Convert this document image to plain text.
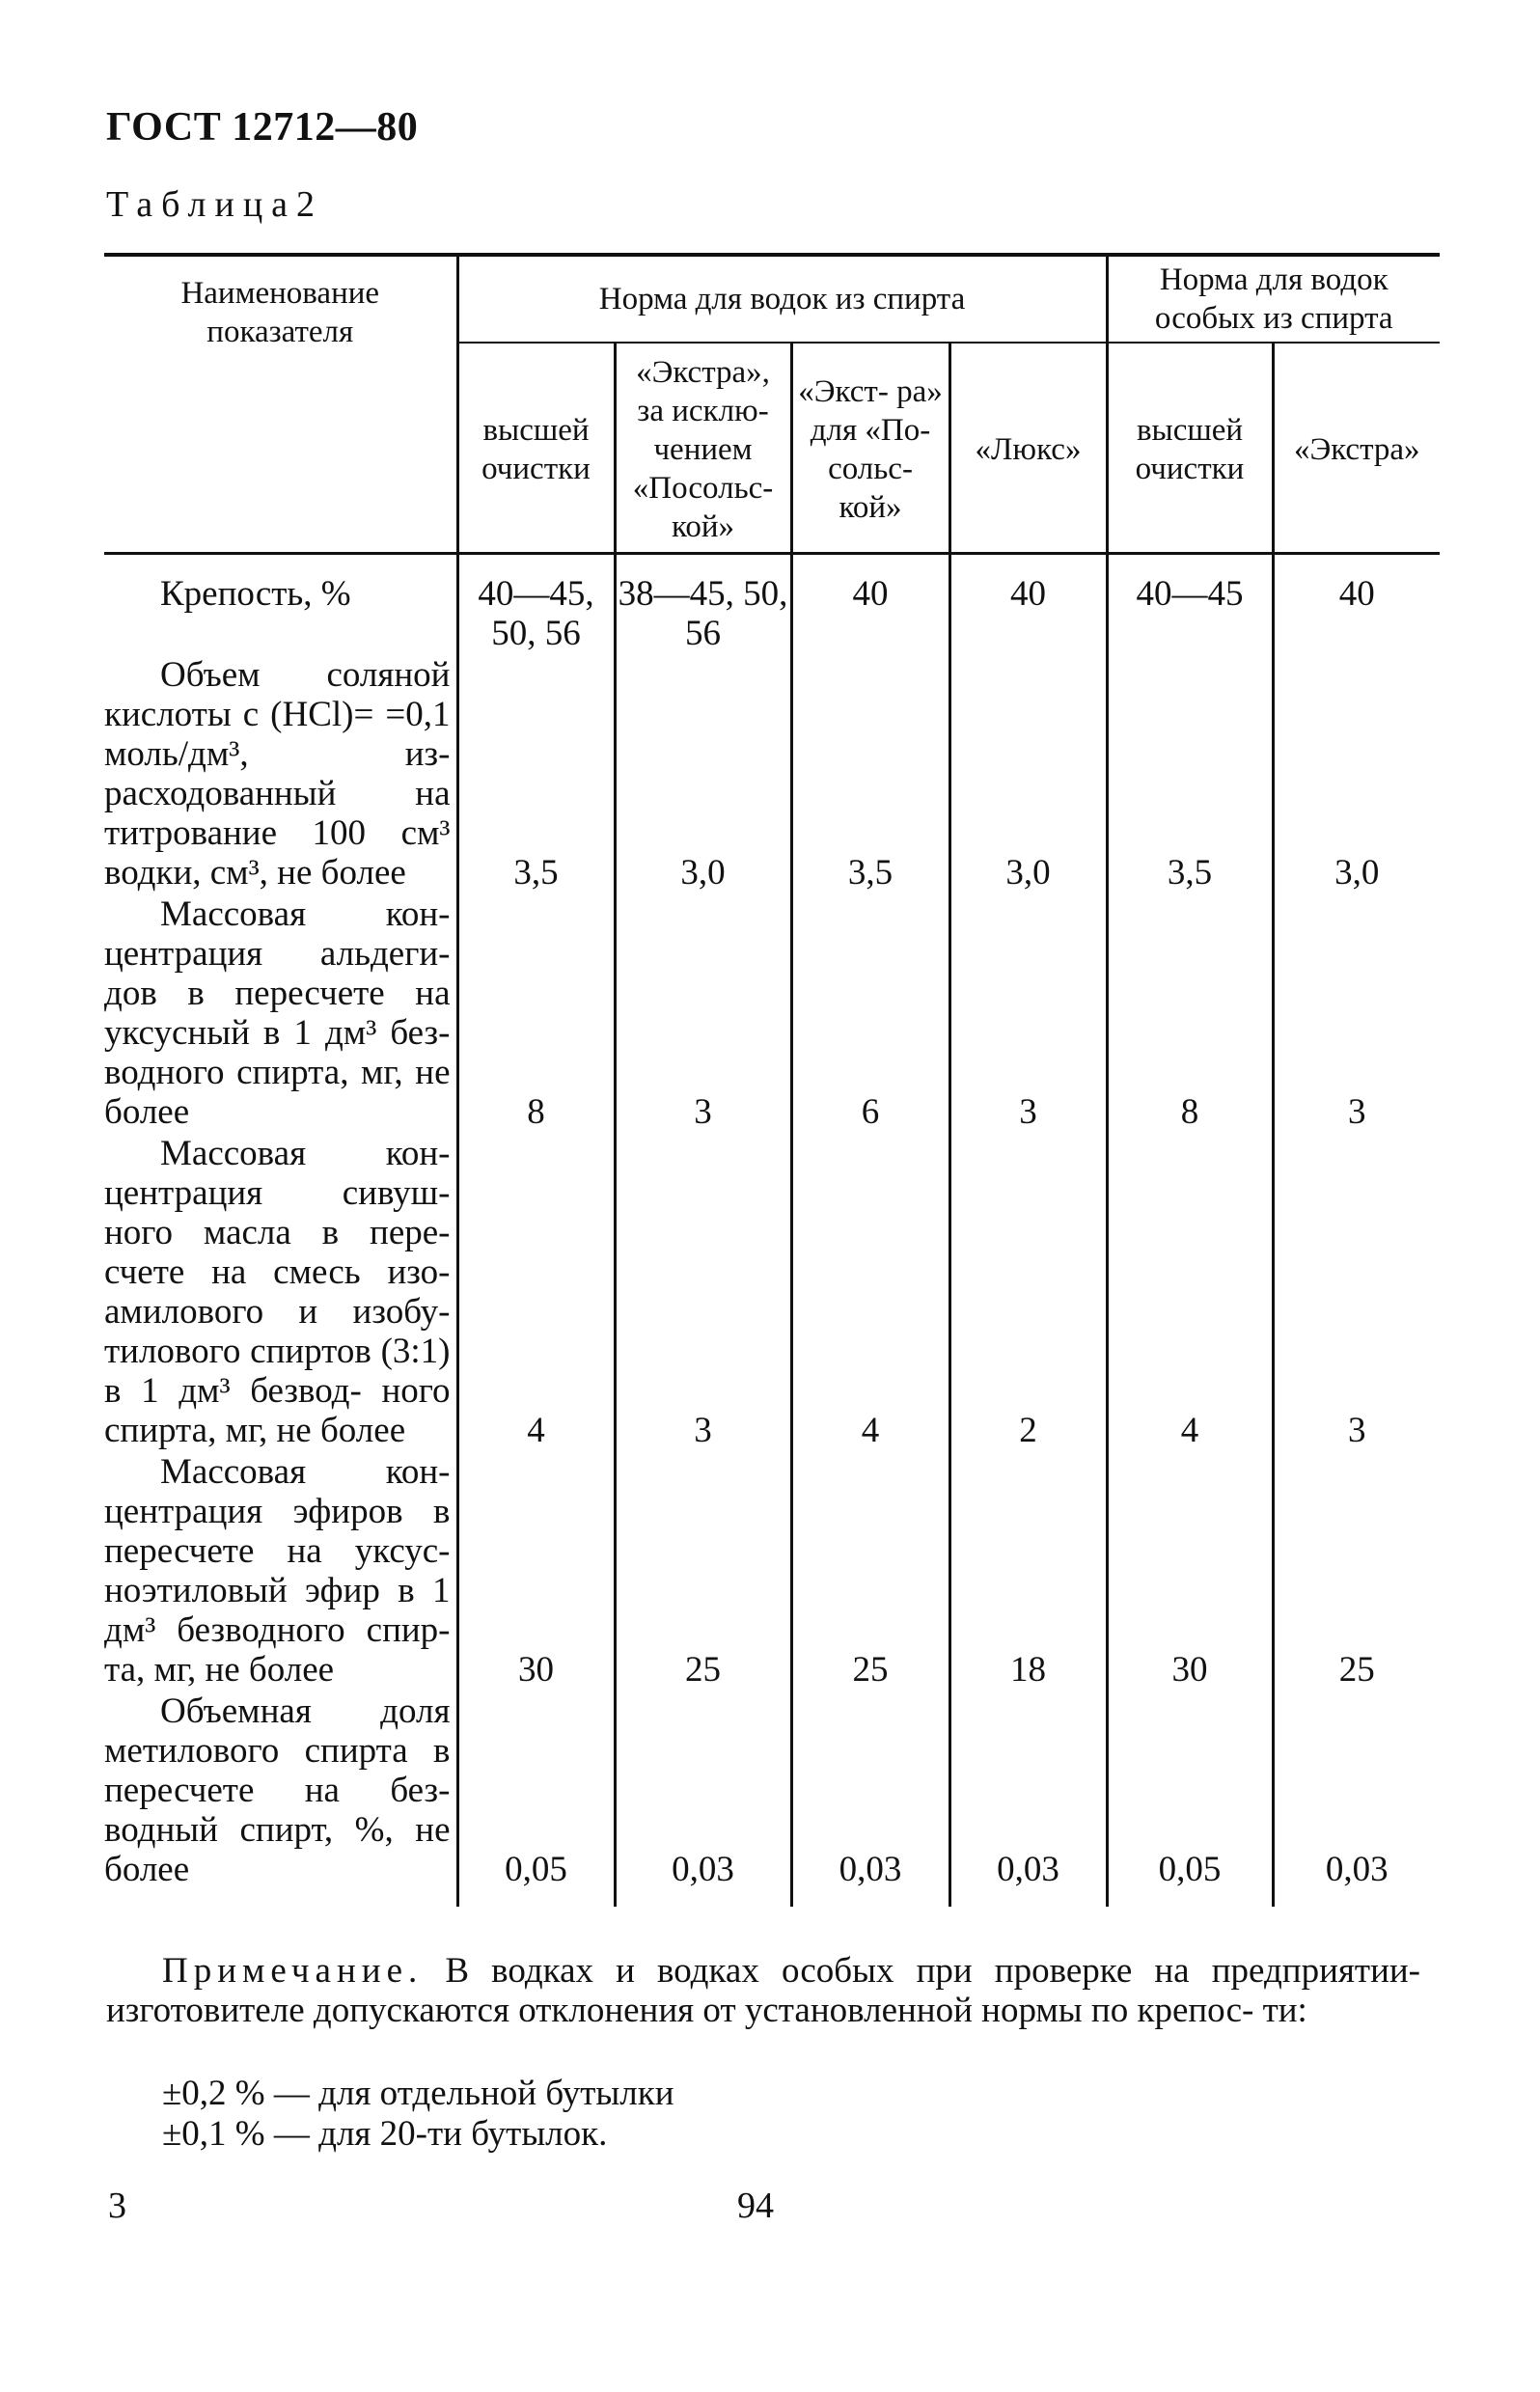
ГОСТ 12712—80
Таблица2
Наименование показателя	Норма для водок из спирта				Норма для водок особых из спирта	
	высшей очистки	«Экстра», за исклю- чением «Посольс- кой»	«Экст- ра» для «По- сольс- кой»	«Люкс»	высшей очистки	«Экстра»
Крепость, %	40—45, 50, 56	38—45, 50, 56	40	40	40—45	40
Объем соляной кислоты c (HCl)= =0,1 моль/дм³, из- расходованный на титрование 100 см³ водки, см³, не более	3,5	3,0	3,5	3,0	3,5	3,0
Массовая кон- центрация альдеги- дов в пересчете на уксусный в 1 дм³ без- водного спирта, мг, не более	8	3	6	3	8	3
Массовая кон- центрация сивуш- ного масла в пере- счете на смесь изо- амилового и изобу- тилового спиртов (3:1) в 1 дм³ безвод- ного спирта, мг, не более	4	3	4	2	4	3
Массовая кон- центрация эфиров в пересчете на уксус- ноэтиловый эфир в 1 дм³ безводного спир- та, мг, не более	30	25	25	18	30	25
Объемная доля метилового спирта в пересчете на без- водный спирт, %, не более	0,05	0,03	0,03	0,03	0,05	0,03

Примечание. В водках и водках особых при проверке на предприятии-изготовителе допускаются отклонения от установленной нормы по крепос- ти:
±0,2 % — для отдельной бутылки
±0,1 % — для 20-ти бутылок.
3	94
